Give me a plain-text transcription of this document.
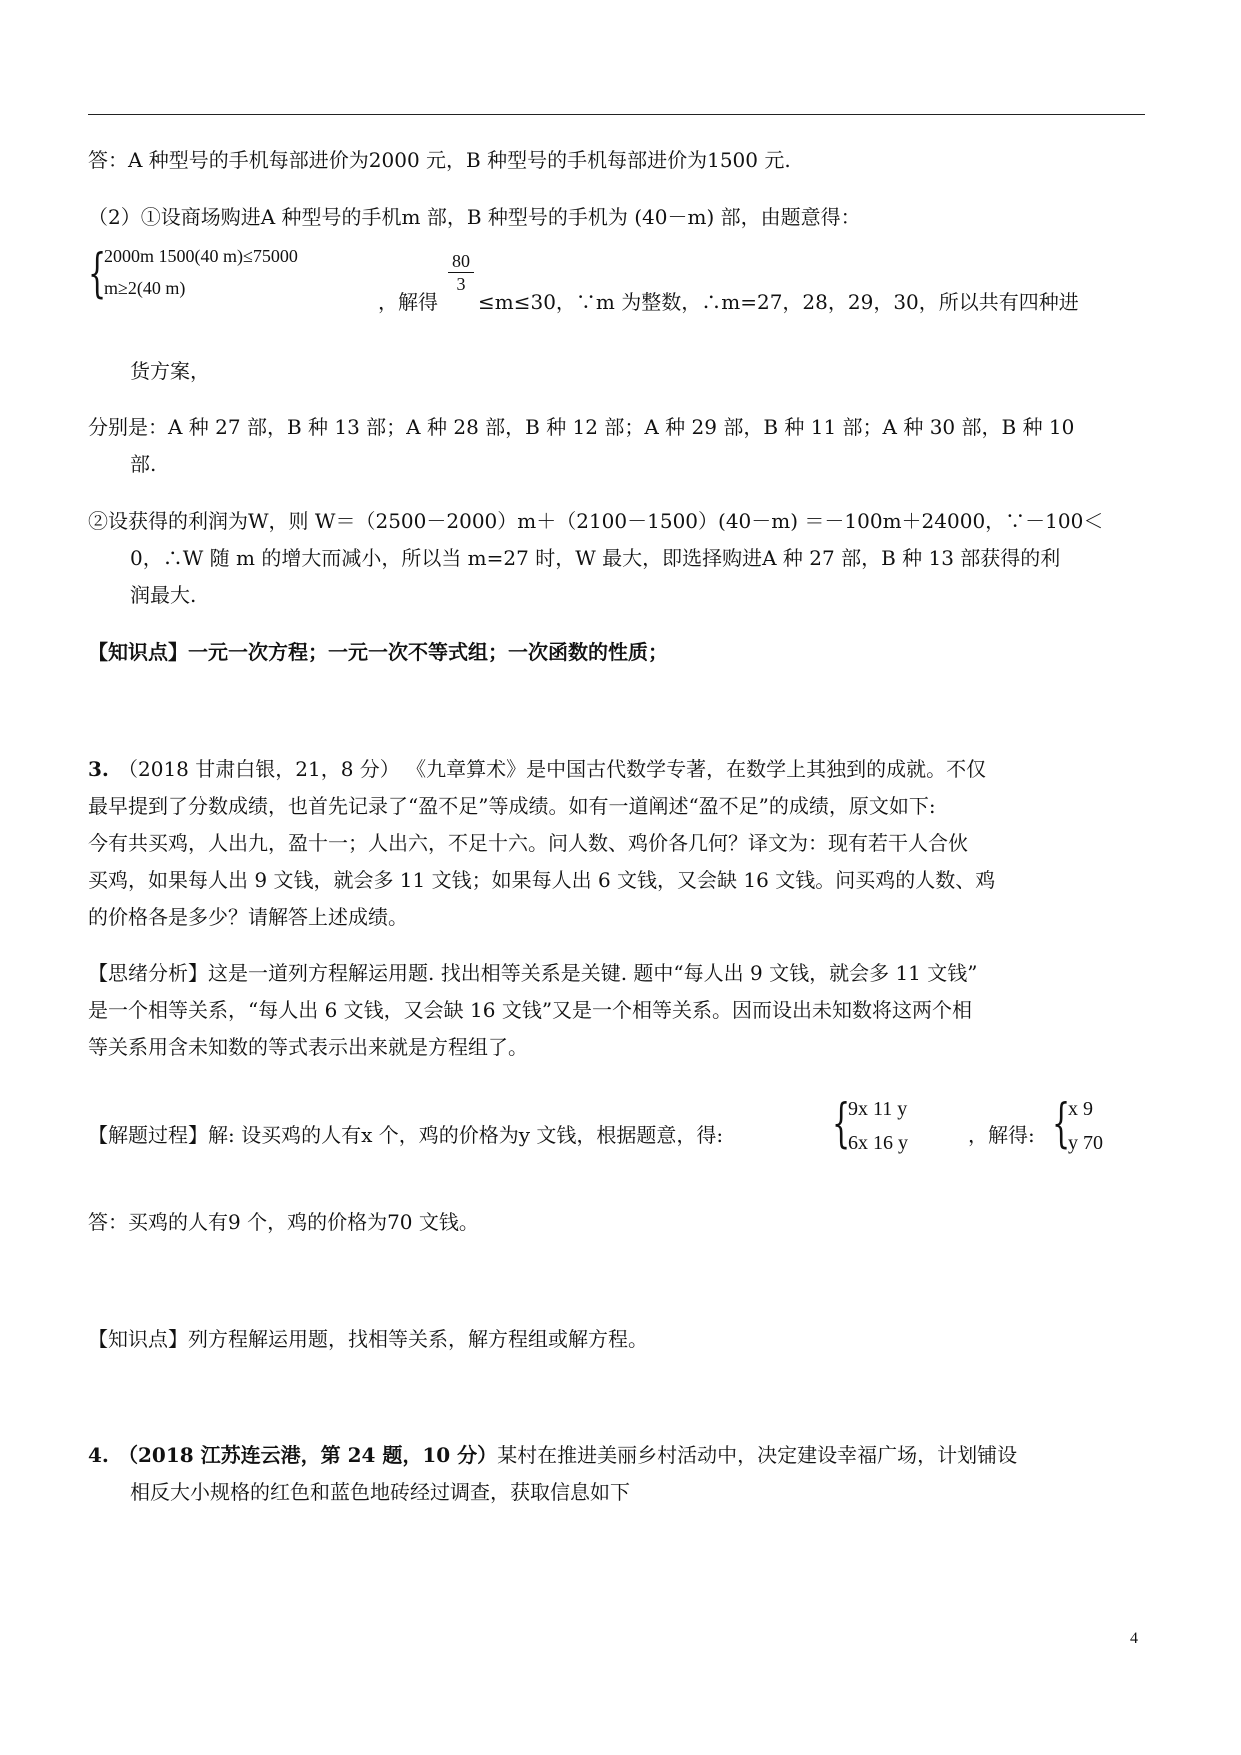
答：A 种型号的手机每部进价为2000 元，B 种型号的手机每部进价为1500 元.
（2）①设商场购进A 种型号的手机m 部，B 种型号的手机为 (40－m) 部，由题意得：
{
2000m 1500(40 m)≤75000
m≥2(40 m)
，解得
$\frac{80}{3}$
≤m≤30，∵m 为整数，∴m=27，28，29，30，所以共有四种进
货方案，
分别是：A 种 27 部，B 种 13 部；A 种 28 部，B 种 12 部；A 种 29 部，B 种 11 部；A 种 30 部，B 种 10
部.
②设获得的利润为W，则 W＝（2500－2000）m＋（2100－1500）(40－m) ＝－100m＋24000，∵－100＜
0，∴W 随 m 的增大而减小，所以当 m=27 时，W 最大，即选择购进A 种 27 部，B 种 13 部获得的利
润最大.
【知识点】一元一次方程；一元一次不等式组；一次函数的性质；
3. （2018 甘肃白银，21，8 分） 《九章算术》是中国古代数学专著，在数学上其独到的成就。不仅
最早提到了分数成绩，也首先记录了“盈不足”等成绩。如有一道阐述“盈不足”的成绩，原文如下:
今有共买鸡，人出九，盈十一；人出六，不足十六。问人数、鸡价各几何？译文为：现有若干人合伙
买鸡，如果每人出 9 文钱，就会多 11 文钱；如果每人出 6 文钱，又会缺 16 文钱。问买鸡的人数、鸡
的价格各是多少？请解答上述成绩。
【思绪分析】这是一道列方程解运用题. 找出相等关系是关键. 题中“每人出 9 文钱，就会多 11 文钱”
是一个相等关系，“每人出 6 文钱，又会缺 16 文钱”又是一个相等关系。因而设出未知数将这两个相
等关系用含未知数的等式表示出来就是方程组了。
【解题过程】解: 设买鸡的人有x 个，鸡的价格为y 文钱，根据题意，得:	{
9x 11 y
6x 16 y	，解得: {
x 9
y 70
答：买鸡的人有9 个，鸡的价格为70 文钱。
【知识点】列方程解运用题，找相等关系，解方程组或解方程。
4. （2018 江苏连云港，第 24 题，10 分）某村在推进美丽乡村活动中，决定建设幸福广场，计划铺设
相反大小规格的红色和蓝色地砖经过调查，获取信息如下
4
